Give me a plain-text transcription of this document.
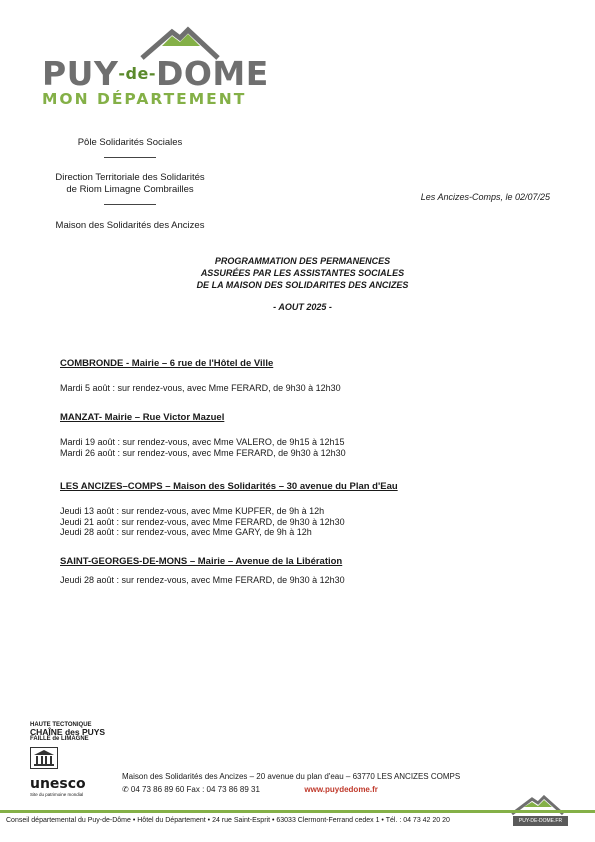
PUY-de-DOME
MON DÉPARTEMENT
Pôle Solidarités Sociales
Direction Territoriale des Solidarités
de Riom Limagne Combrailles
Maison des Solidarités des Ancizes
Les Ancizes-Comps, le 02/07/25
PROGRAMMATION DES PERMANENCES
ASSURÉES PAR LES ASSISTANTES SOCIALES
DE LA MAISON DES SOLIDARITES DES ANCIZES
- AOUT 2025 -
COMBRONDE - Mairie – 6 rue de l'Hôtel de Ville
Mardi 5 août : sur rendez-vous, avec Mme FERARD, de 9h30 à 12h30
MANZAT- Mairie – Rue Victor Mazuel
Mardi 19 août : sur rendez-vous, avec Mme VALERO, de 9h15 à 12h15
Mardi 26 août : sur rendez-vous, avec Mme FERARD, de 9h30 à 12h30
LES ANCIZES–COMPS – Maison des Solidarités – 30 avenue du Plan d'Eau
Jeudi 13 août : sur rendez-vous, avec Mme KUPFER, de 9h à 12h
Jeudi 21 août : sur rendez-vous, avec Mme FERARD, de 9h30 à 12h30
Jeudi 28 août : sur rendez-vous, avec Mme GARY, de 9h à 12h
SAINT-GEORGES-DE-MONS – Mairie – Avenue de la Libération
Jeudi 28 août : sur rendez-vous, avec Mme FERARD, de 9h30 à 12h30
HAUTE TECTONIQUE
CHAÎNE des PUYS
FAILLE de LIMAGNE
unesco
Site du patrimoine mondial
Maison des Solidarités des Ancizes – 20 avenue du plan d'eau – 63770 LES ANCIZES COMPS
✆ 04 73 86 89 60 Fax : 04 73 86 89 31	www.puydedome.fr
Conseil départemental du Puy-de-Dôme • Hôtel du Département • 24 rue Saint-Esprit • 63033 Clermont-Ferrand cedex 1 • Tél. : 04 73 42 20 20	PUY-DE-DOME.FR
